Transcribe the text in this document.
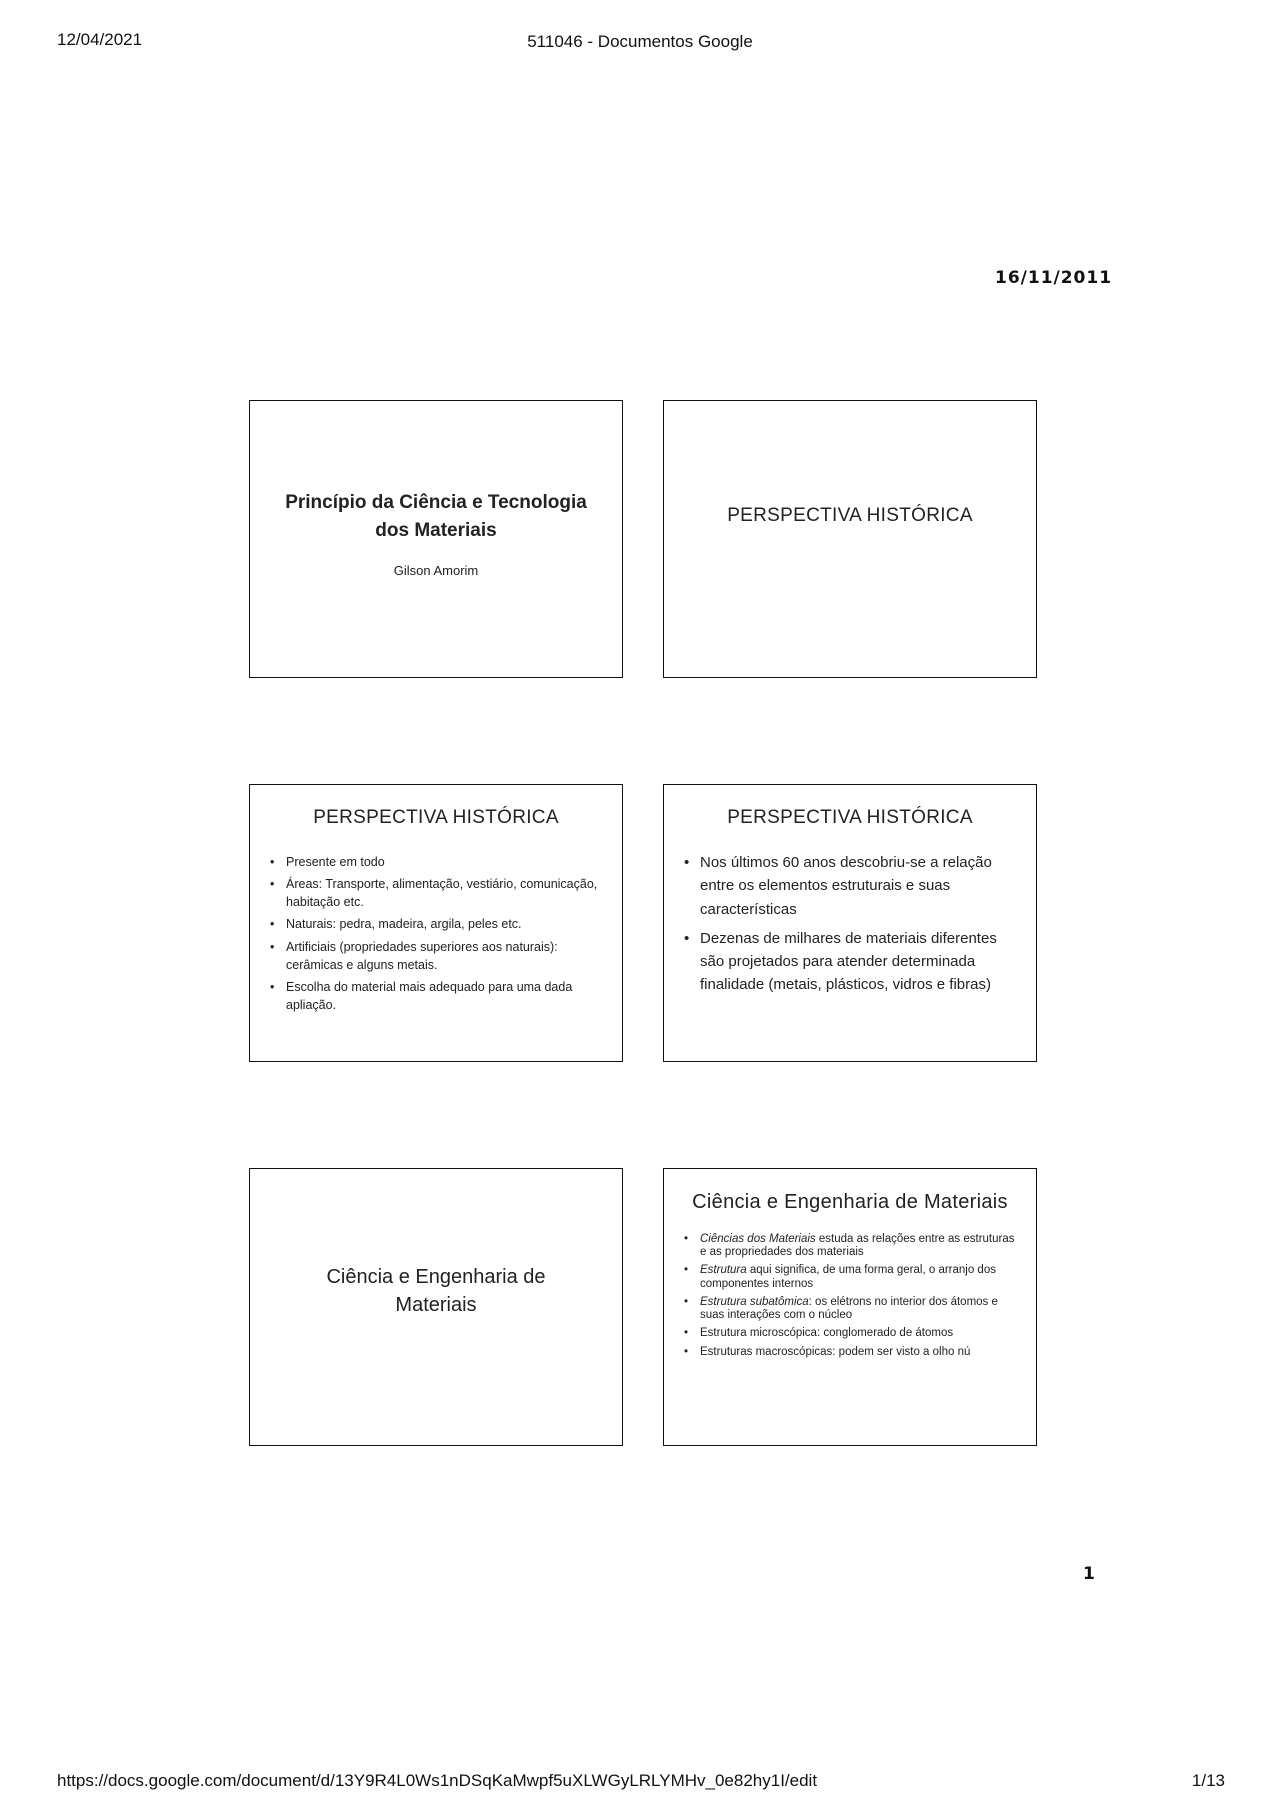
12/04/2021	511046 - Documentos Google
16/11/2011
Princípio da Ciência e Tecnologia
dos Materiais
Gilson Amorim
PERSPECTIVA HISTÓRICA
PERSPECTIVA HISTÓRICA
• Presente em todo
• Áreas: Transporte, alimentação, vestiário, comunicação, habitação etc.
• Naturais: pedra, madeira, argila, peles etc.
• Artificiais (propriedades superiores aos naturais): cerâmicas e alguns metais.
• Escolha do material mais adequado para uma dada apliação.
PERSPECTIVA HISTÓRICA
• Nos últimos 60 anos descobriu-se a relação entre os elementos estruturais e suas características
• Dezenas de milhares de materiais diferentes são projetados para atender determinada finalidade (metais, plásticos, vidros e fibras)
Ciência e Engenharia de
Materiais
Ciência e Engenharia de Materiais
• Ciências dos Materiais estuda as relações entre as estruturas e as propriedades dos materiais
• Estrutura aqui significa, de uma forma geral, o arranjo dos componentes internos
• Estrutura subatômica: os elétrons no interior dos átomos e suas interações com o núcleo
• Estrutura microscópica: conglomerado de átomos
• Estruturas macroscópicas: podem ser visto a olho nú
1
https://docs.google.com/document/d/13Y9R4L0Ws1nDSqKaMwpf5uXLWGyLRLYMHv_0e82hy1I/edit	1/13
